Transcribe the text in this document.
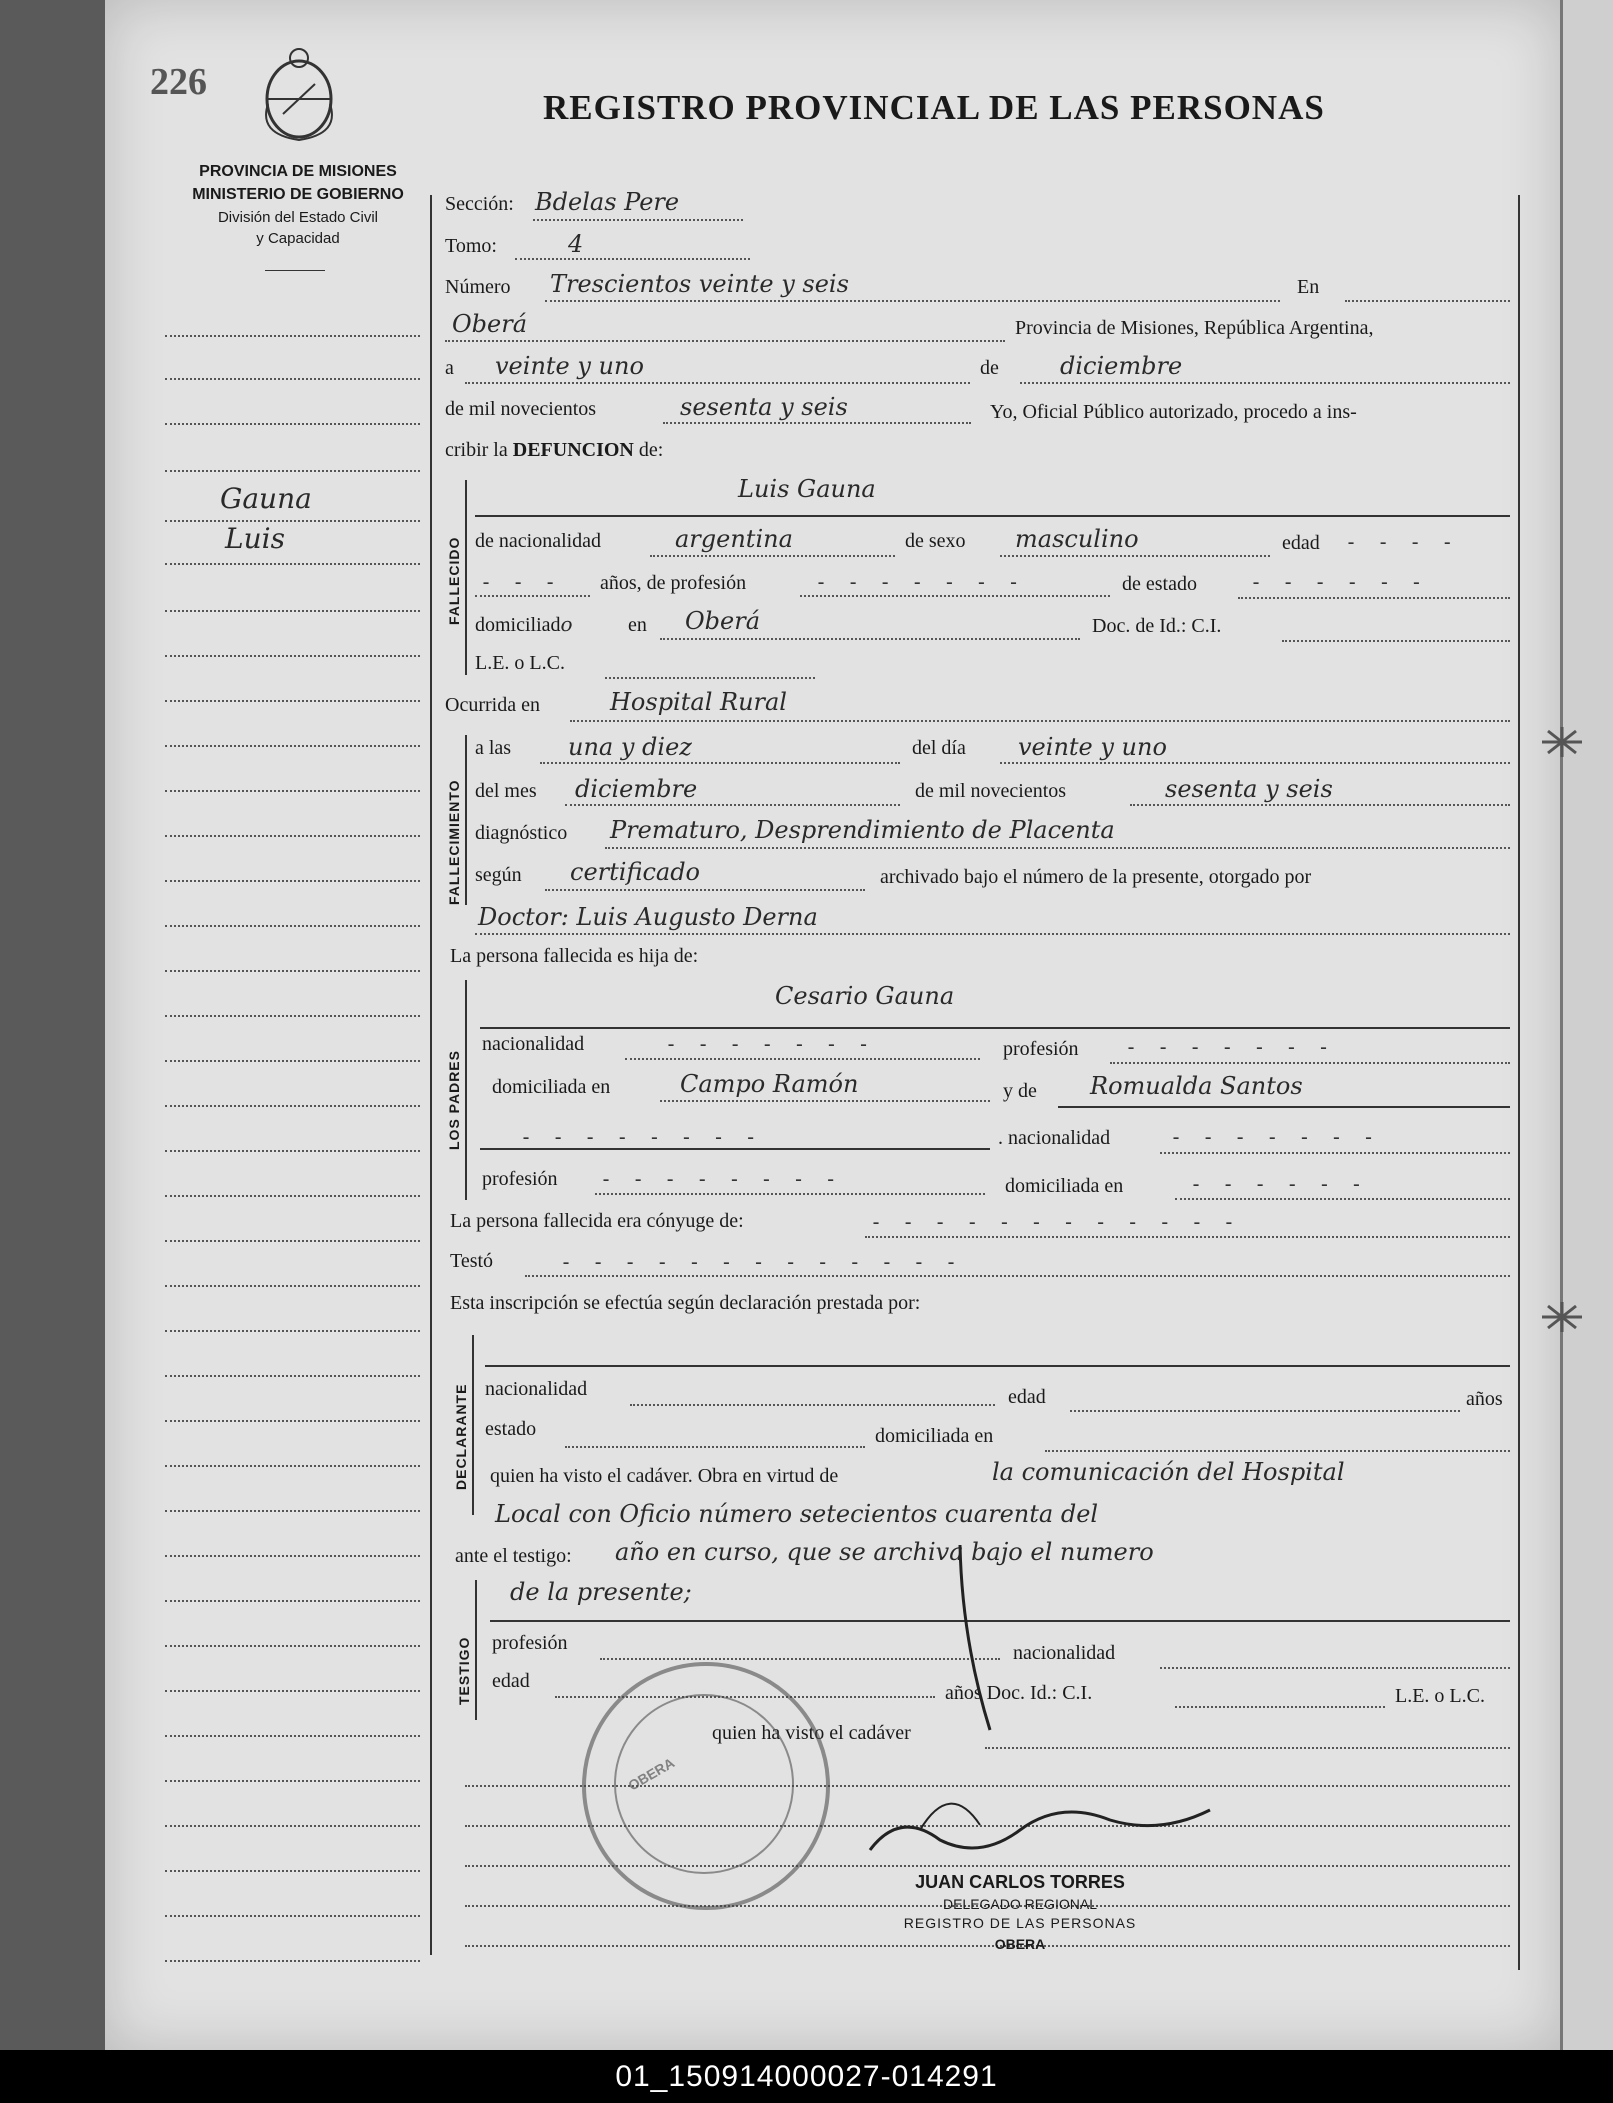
226
PROVINCIA DE MISIONES
MINISTERIO DE GOBIERNO
División del Estado Civil
y Capacidad
REGISTRO PROVINCIAL DE LAS PERSONAS
Gauna
Luis
Sección: Bdelas Pere
Tomo:	4
Número Trescientos veinte y seis	En
Oberá	Provincia de Misiones, República Argentina,
a veinte y uno	de	diciembre
de mil novecientos	sesenta y seis	Yo, Oficial Público autorizado, procedo a ins-
cribir la DEFUNCION de:
FALLECIDO
Luis Gauna
de nacionalidad	argentina	de sexo masculino	edad - - - -
- - - años, de profesión	- - - - - - -	de estado	- - - - - -
domiciliado	en Oberá	Doc. de Id.: C.I.
L.E. o L.C.
Ocurrida en	Hospital Rural
FALLECIMIENTO
a las una y diez	del día veinte y uno
del mes diciembre	de mil novecientos	sesenta y seis
diagnóstico Prematuro, Desprendimiento de Placenta
según certificado	archivado bajo el número de la presente, otorgado por
Doctor: Luis Augusto Derna
La persona fallecida es hija de:
LOS PADRES
Cesario Gauna
nacionalidad	- - - - - - -	profesión - - - - - - -
domiciliada en	Campo Ramón	y de Romualda Santos
- - - - - - - -	. nacionalidad	- - - - - - -
profesión - - - - - - - -	domiciliada en	- - - - - -
La persona fallecida era cónyuge de:	- - - - - - - - - - - -
Testó	- - - - - - - - - - - - -
Esta inscripción se efectúa según declaración prestada por:
DECLARANTE nacionalidad	edad	años
estado	domiciliada en
quien ha visto el cadáver. Obra en virtud de	la comunicación del Hospital
Local con Oficio número setecientos cuarenta del
ante el testigo: año en curso, que se archiva bajo el numero
TESTIGO
de la presente;
profesión	nacionalidad
edad
años Doc. Id.: C.I.	L.E. o L.C.
quien ha visto el cadáver
OBERA
JUAN CARLOS TORRES
DELEGADO REGIONAL
REGISTRO DE LAS PERSONAS
OBERA
01_150914000027-014291
